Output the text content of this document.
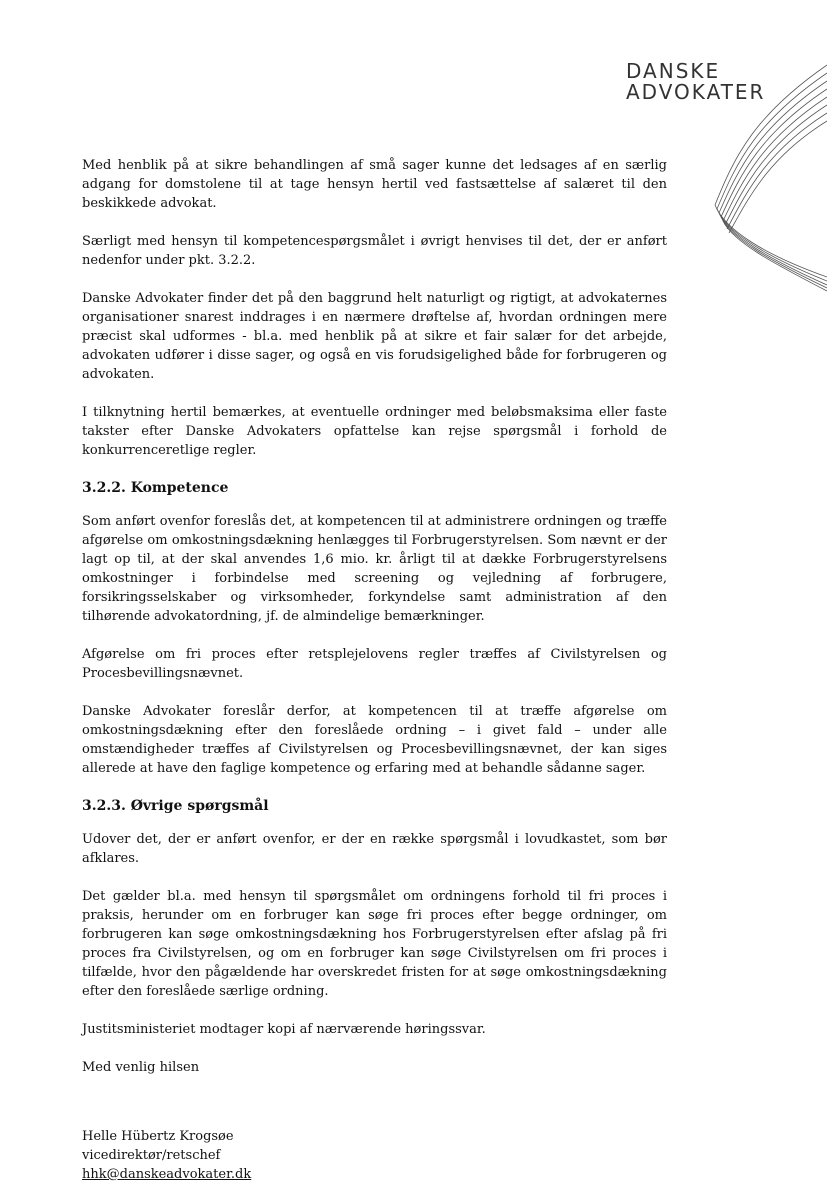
DANSKE
ADVOKATER

Med henblik på at sikre behandlingen af små sager kunne det ledsages af en særlig adgang for domstolene til at tage hensyn hertil ved fastsættelse af salæret til den beskikkede advokat.

Særligt med hensyn til kompetencespørgsmålet i øvrigt henvises til det, der er anført nedenfor under pkt. 3.2.2.

Danske Advokater finder det på den baggrund helt naturligt og rigtigt, at advokaternes organisationer snarest inddrages i en nærmere drøftelse af, hvordan ordningen mere præcist skal udformes - bl.a. med henblik på at sikre et fair salær for det arbejde, advokaten udfører i disse sager, og også en vis forudsigelighed både for forbrugeren og advokaten.

I tilknytning hertil bemærkes, at eventuelle ordninger med beløbsmaksima eller faste takster efter Danske Advokaters opfattelse kan rejse spørgsmål i forhold de konkurrenceretlige regler.

3.2.2. Kompetence

Som anført ovenfor foreslås det, at kompetencen til at administrere ordningen og træffe afgørelse om omkostningsdækning henlægges til Forbrugerstyrelsen. Som nævnt er der lagt op til, at der skal anvendes 1,6 mio. kr. årligt til at dække Forbrugerstyrelsens omkostninger i forbindelse med screening og vejledning af forbrugere, forsikringsselskaber og virksomheder, forkyndelse samt administration af den tilhørende advokatordning, jf. de almindelige bemærkninger.

Afgørelse om fri proces efter retsplejelovens regler træffes af Civilstyrelsen og Procesbevillingsnævnet.

Danske Advokater foreslår derfor, at kompetencen til at træffe afgørelse om omkostningsdækning efter den foreslåede ordning – i givet fald – under alle omstændigheder træffes af Civilstyrelsen og Procesbevillingsnævnet, der kan siges allerede at have den faglige kompetence og erfaring med at behandle sådanne sager.

3.2.3. Øvrige spørgsmål

Udover det, der er anført ovenfor, er der en række spørgsmål i lovudkastet, som bør afklares.

Det gælder bl.a. med hensyn til spørgsmålet om ordningens forhold til fri proces i praksis, herunder om en forbruger kan søge fri proces efter begge ordninger, om forbrugeren kan søge omkostningsdækning hos Forbrugerstyrelsen efter afslag på fri proces fra Civilstyrelsen, og om en forbruger kan søge Civilstyrelsen om fri proces i tilfælde, hvor den pågældende har overskredet fristen for at søge omkostningsdækning efter den foreslåede særlige ordning.

Justitsministeriet modtager kopi af nærværende høringssvar.

Med venlig hilsen

Helle Hübertz Krogsøe
vicedirektør/retschef
hhk@danskeadvokater.dk
